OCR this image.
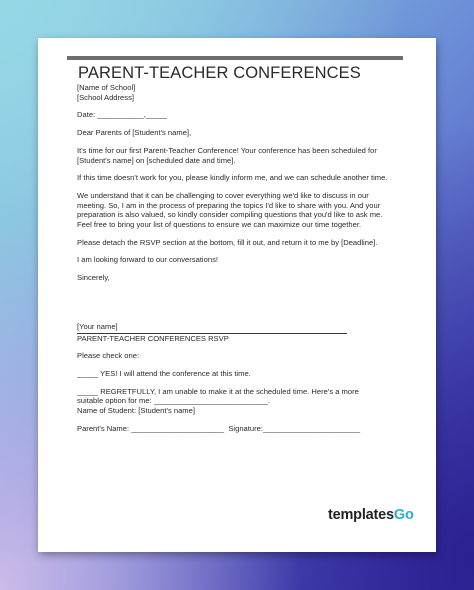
PARENT-TEACHER CONFERENCES
[Name of School]
[School Address]
Date: ___________,_____
Dear Parents of [Student's name],
It's time for our first Parent-Teacher Conference! Your conference has been scheduled for
[Student's name] on [scheduled date and time].
If this time doesn't work for you, please kindly inform me, and we can schedule another time.
We understand that it can be challenging to cover everything we'd like to discuss in our
meeting. So, I am in the process of preparing the topics I'd like to share with you. And your
preparation is also valued, so kindly consider compiling questions that you'd like to ask me.
Feel free to bring your list of questions to ensure we can maximize our time together.
Please detach the RSVP section at the bottom, fill it out, and return it to me by [Deadline].
I am looking forward to our conversations!
Sincerely,
[Your name]
PARENT-TEACHER CONFERENCES RSVP
Please check one:
_____ YES! I will attend the conference at this time.
_____ REGRETFULLY, I am unable to make it at the scheduled time. Here's a more
suitable option for me: ___________________________.
Name of Student: [Student's name]
Parent's Name: ______________________  Signature:_______________________
templatesGo
